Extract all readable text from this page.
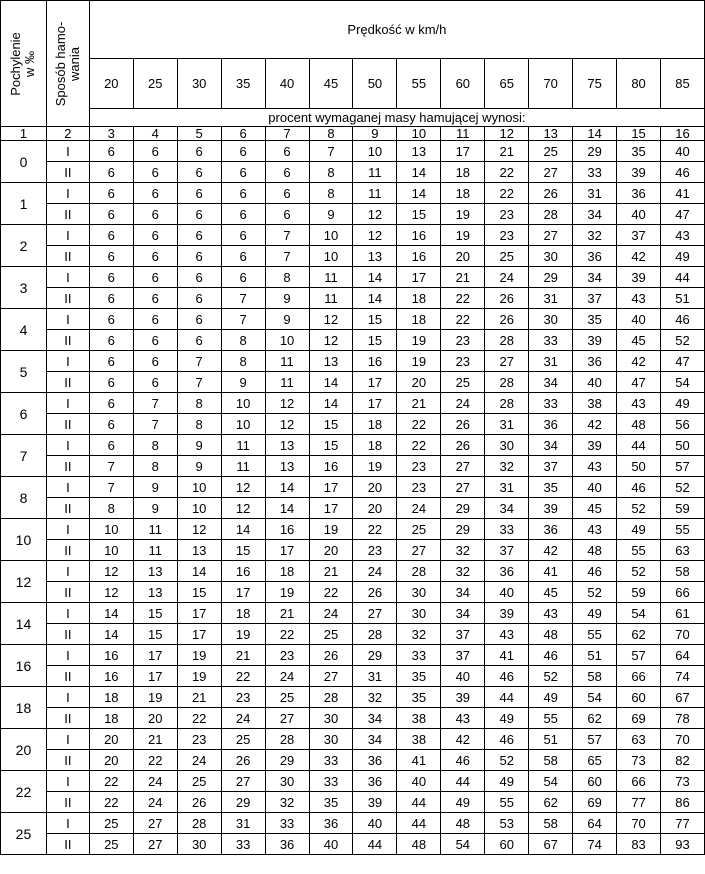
Pochylenie w ‰	Sposób hamo- wania	Prędkość w km/h													
		20	25	30	35	40	45	50	55	60	65	70	75	80	85
		procent wymaganej masy hamującej wynosi:													
1	2	3	4	5	6	7	8	9	10	11	12	13	14	15	16
0	I	6	6	6	6	6	7	10	13	17	21	25	29	35	40
	II	6	6	6	6	6	8	11	14	18	22	27	33	39	46
1	I	6	6	6	6	6	8	11	14	18	22	26	31	36	41
	II	6	6	6	6	6	9	12	15	19	23	28	34	40	47
2	I	6	6	6	6	7	10	12	16	19	23	27	32	37	43
	II	6	6	6	6	7	10	13	16	20	25	30	36	42	49
3	I	6	6	6	6	8	11	14	17	21	24	29	34	39	44
	II	6	6	6	7	9	11	14	18	22	26	31	37	43	51
4	I	6	6	6	7	9	12	15	18	22	26	30	35	40	46
	II	6	6	6	8	10	12	15	19	23	28	33	39	45	52
5	I	6	6	7	8	11	13	16	19	23	27	31	36	42	47
	II	6	6	7	9	11	14	17	20	25	28	34	40	47	54
6	I	6	7	8	10	12	14	17	21	24	28	33	38	43	49
	II	6	7	8	10	12	15	18	22	26	31	36	42	48	56
7	I	6	8	9	11	13	15	18	22	26	30	34	39	44	50
	II	7	8	9	11	13	16	19	23	27	32	37	43	50	57
8	I	7	9	10	12	14	17	20	23	27	31	35	40	46	52
	II	8	9	10	12	14	17	20	24	29	34	39	45	52	59
10	I	10	11	12	14	16	19	22	25	29	33	36	43	49	55
	II	10	11	13	15	17	20	23	27	32	37	42	48	55	63
12	I	12	13	14	16	18	21	24	28	32	36	41	46	52	58
	II	12	13	15	17	19	22	26	30	34	40	45	52	59	66
14	I	14	15	17	18	21	24	27	30	34	39	43	49	54	61
	II	14	15	17	19	22	25	28	32	37	43	48	55	62	70
16	I	16	17	19	21	23	26	29	33	37	41	46	51	57	64
	II	16	17	19	22	24	27	31	35	40	46	52	58	66	74
18	I	18	19	21	23	25	28	32	35	39	44	49	54	60	67
	II	18	20	22	24	27	30	34	38	43	49	55	62	69	78
20	I	20	21	23	25	28	30	34	38	42	46	51	57	63	70
	II	20	22	24	26	29	33	36	41	46	52	58	65	73	82
22	I	22	24	25	27	30	33	36	40	44	49	54	60	66	73
	II	22	24	26	29	32	35	39	44	49	55	62	69	77	86
25	I	25	27	28	31	33	36	40	44	48	53	58	64	70	77
	II	25	27	30	33	36	40	44	48	54	60	67	74	83	93
